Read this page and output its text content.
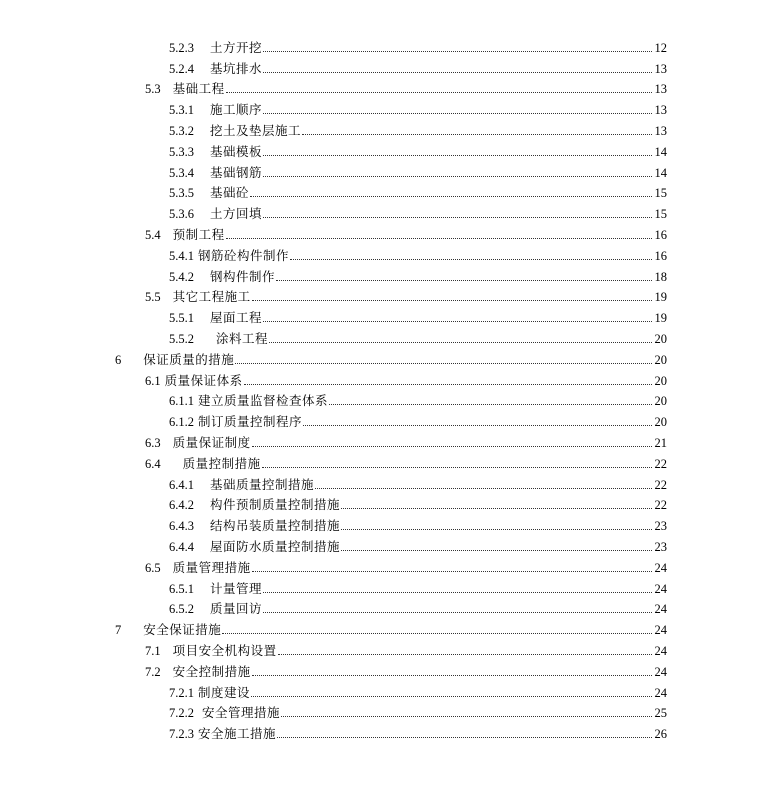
5.2.3 土方开挖	12
5.2.4 基坑排水	13
5.3 基础工程	13
5.3.1 施工顺序	13
5.3.2 挖土及垫层施工	13
5.3.3 基础模板	14
5.3.4 基础钢筋	14
5.3.5 基础砼	15
5.3.6 土方回填	15
5.4 预制工程	16
5.4.1 钢筋砼构件制作	16
5.4.2 钢构件制作	18
5.5 其它工程施工	19
5.5.1 屋面工程	19
5.5.2 涂料工程	20
6 保证质量的措施	20
6.1 质量保证体系	20
6.1.1 建立质量监督检查体系	20
6.1.2 制订质量控制程序	20
6.3 质量保证制度	21
6.4 质量控制措施	22
6.4.1 基础质量控制措施	22
6.4.2 构件预制质量控制措施	22
6.4.3 结构吊装质量控制措施	23
6.4.4 屋面防水质量控制措施	23
6.5 质量管理措施	24
6.5.1 计量管理	24
6.5.2 质量回访	24
7 安全保证措施	24
7.1 项目安全机构设置	24
7.2 安全控制措施	24
7.2.1 制度建设	24
7.2.2 安全管理措施	25
7.2.3 安全施工措施	26
